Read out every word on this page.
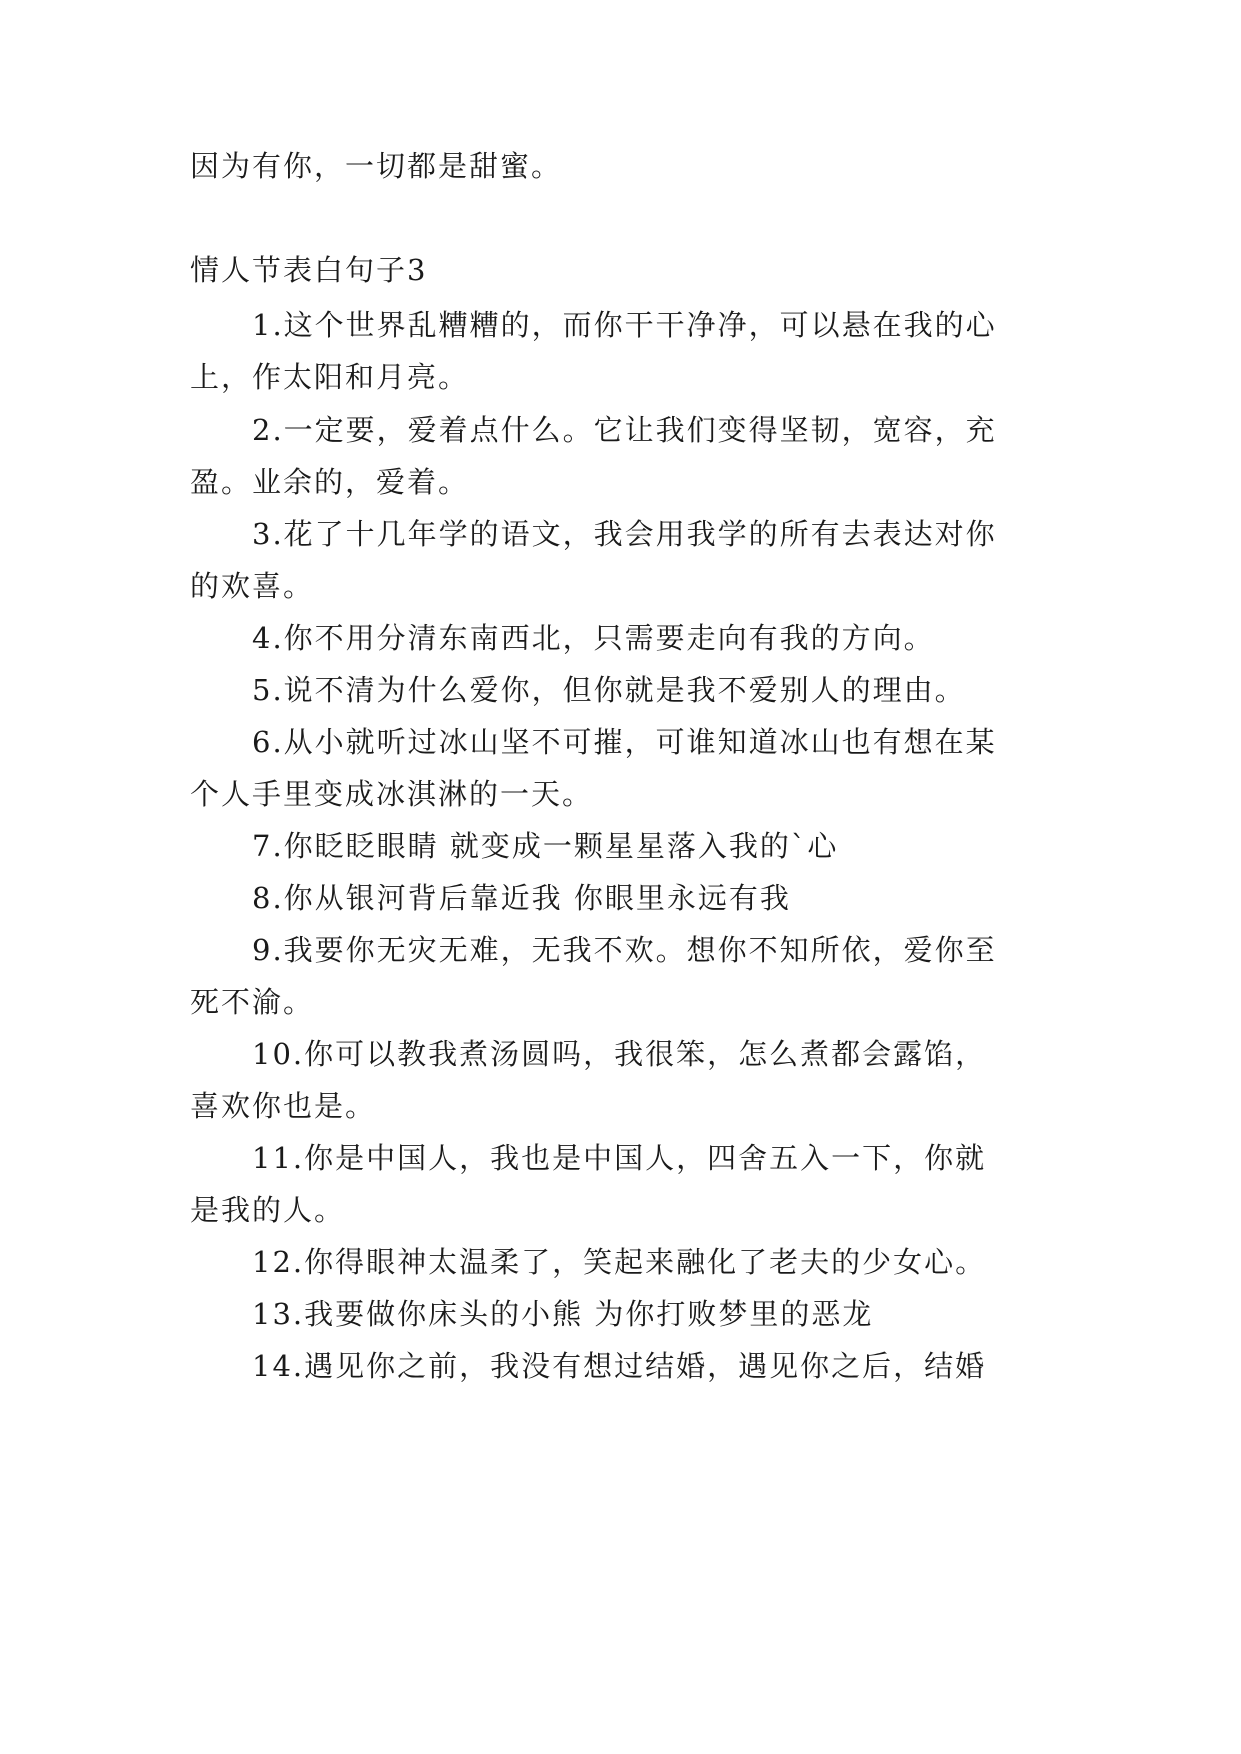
因为有你，一切都是甜蜜。
情人节表白句子3
1.这个世界乱糟糟的，而你干干净净，可以悬在我的心
上，作太阳和月亮。
2.一定要，爱着点什么。它让我们变得坚韧，宽容，充
盈。业余的，爱着。
3.花了十几年学的语文，我会用我学的所有去表达对你
的欢喜。
4.你不用分清东南西北，只需要走向有我的方向。
5.说不清为什么爱你，但你就是我不爱别人的理由。
6.从小就听过冰山坚不可摧，可谁知道冰山也有想在某
个人手里变成冰淇淋的一天。
7.你眨眨眼睛 就变成一颗星星落入我的`心
8.你从银河背后靠近我 你眼里永远有我
9.我要你无灾无难，无我不欢。想你不知所依，爱你至
死不渝。
10.你可以教我煮汤圆吗，我很笨，怎么煮都会露馅，
喜欢你也是。
11.你是中国人，我也是中国人，四舍五入一下，你就
是我的人。
12.你得眼神太温柔了，笑起来融化了老夫的少女心。
13.我要做你床头的小熊 为你打败梦里的恶龙
14.遇见你之前，我没有想过结婚，遇见你之后，结婚
